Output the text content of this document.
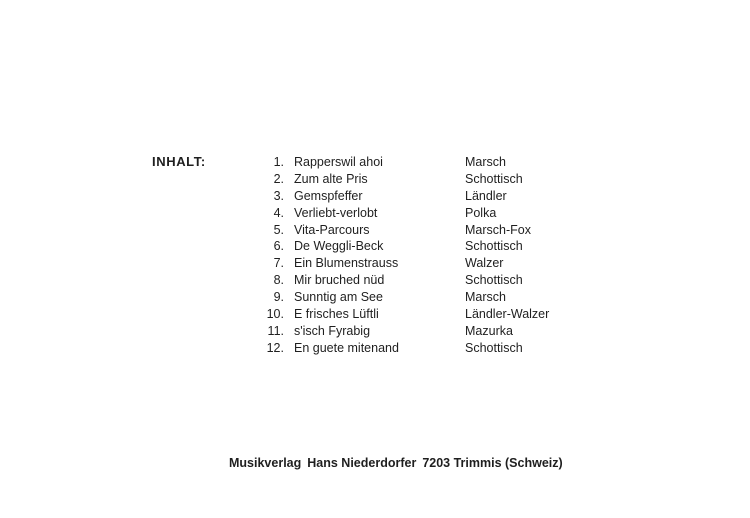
INHALT:	1. Rapperswil ahoi	Marsch
2. Zum alte Pris	Schottisch
3. Gemspfeffer	Ländler
4. Verliebt-verlobt	Polka
5. Vita-Parcours	Marsch-Fox
6. De Weggli-Beck	Schottisch
7. Ein Blumenstrauss	Walzer
8. Mir bruched nüd	Schottisch
9. Sunntig am See	Marsch
10. E frisches Lüftli	Ländler-Walzer
11. s'isch Fyrabig	Mazurka
12. En guete mitenand	Schottisch
Musikverlag Hans Niederdorfer 7203 Trimmis (Schweiz)
